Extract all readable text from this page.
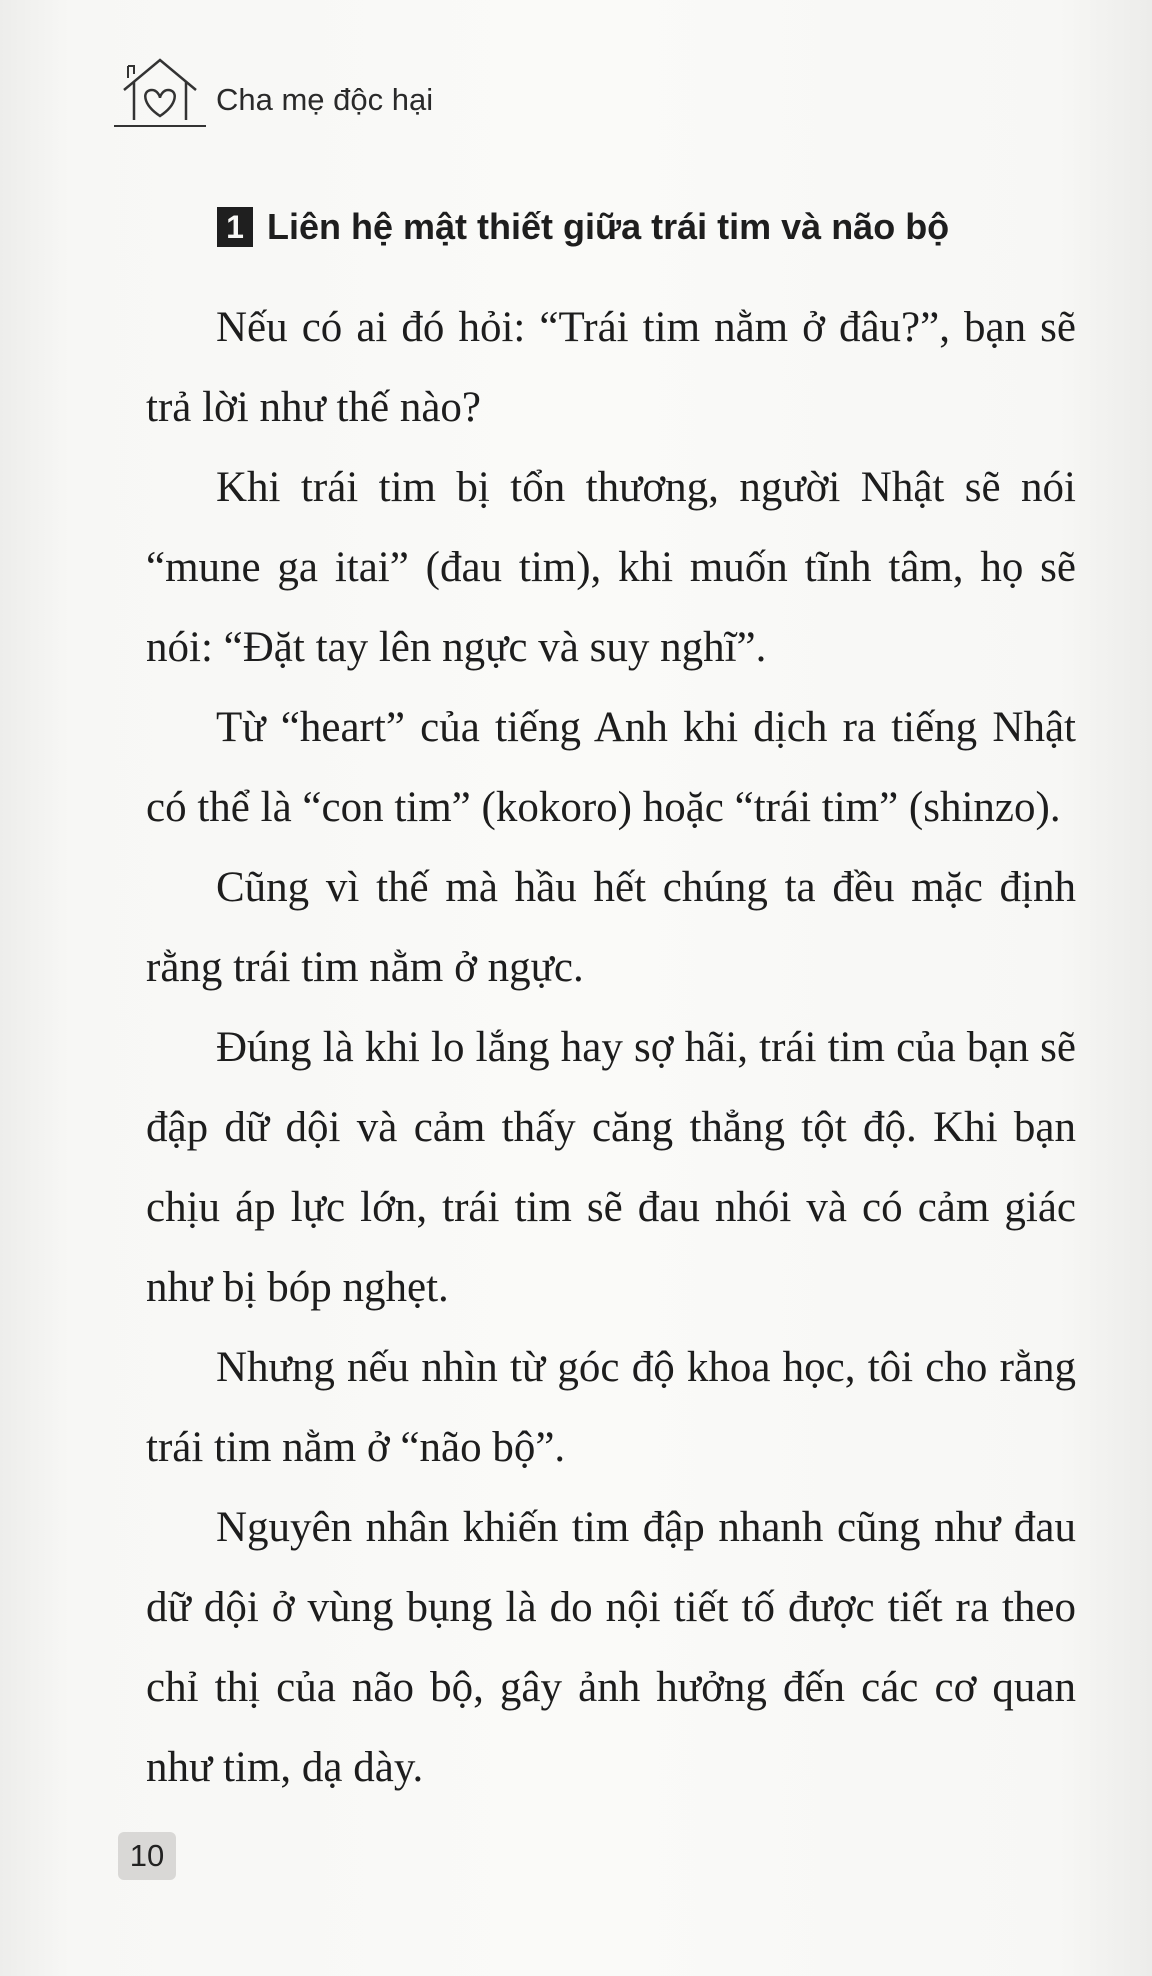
Cha mẹ độc hại
1 Liên hệ mật thiết giữa trái tim và não bộ

Nếu có ai đó hỏi: “Trái tim nằm ở đâu?”, bạn sẽ trả lời như thế nào?

Khi trái tim bị tổn thương, người Nhật sẽ nói “mune ga itai” (đau tim), khi muốn tĩnh tâm, họ sẽ nói: “Đặt tay lên ngực và suy nghĩ”.

Từ “heart” của tiếng Anh khi dịch ra tiếng Nhật có thể là “con tim” (kokoro) hoặc “trái tim” (shinzo).

Cũng vì thế mà hầu hết chúng ta đều mặc định rằng trái tim nằm ở ngực.

Đúng là khi lo lắng hay sợ hãi, trái tim của bạn sẽ đập dữ dội và cảm thấy căng thẳng tột độ. Khi bạn chịu áp lực lớn, trái tim sẽ đau nhói và có cảm giác như bị bóp nghẹt.

Nhưng nếu nhìn từ góc độ khoa học, tôi cho rằng trái tim nằm ở “não bộ”.

Nguyên nhân khiến tim đập nhanh cũng như đau dữ dội ở vùng bụng là do nội tiết tố được tiết ra theo chỉ thị của não bộ, gây ảnh hưởng đến các cơ quan như tim, dạ dày.

10
